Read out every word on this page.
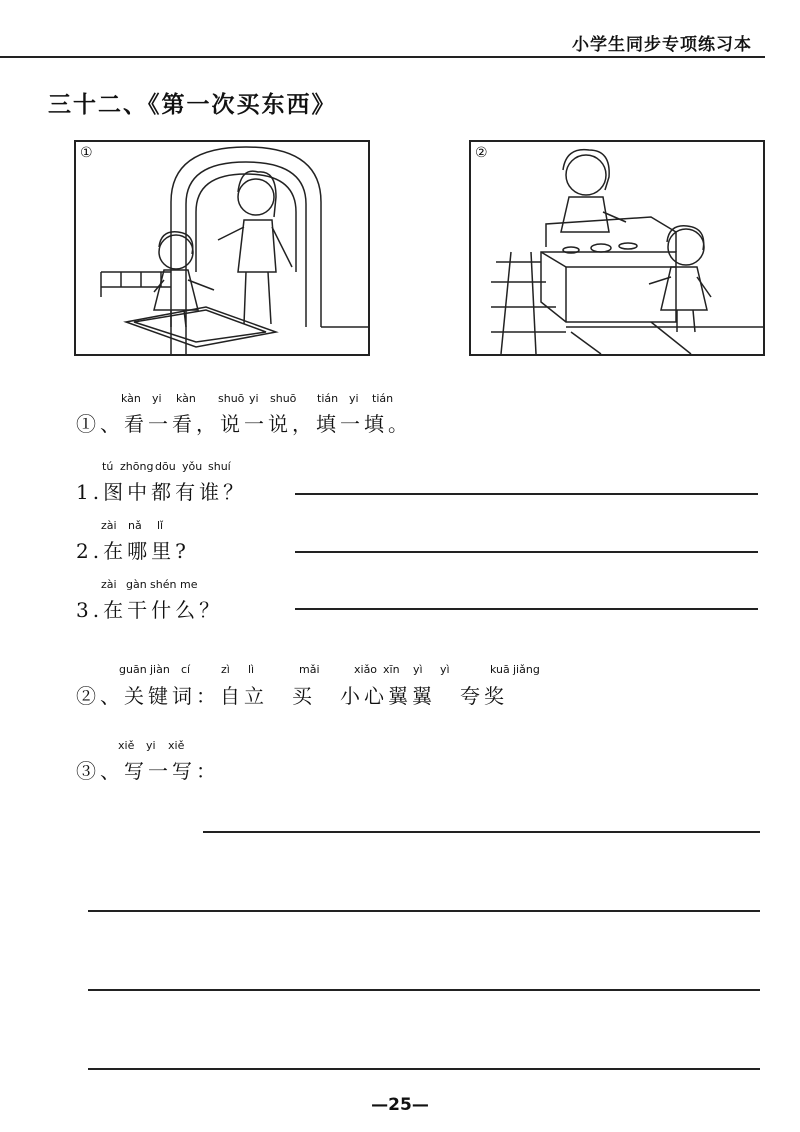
小学生同步专项练习本
三十二、《第一次买东西》
①	②
kàn yi kàn shuō yi shuō tián yi tián
①、看一看，说一说，填一填。
tú zhōng dōu yǒu shuí
1.图中都有谁？
zài nǎ lǐ
2.在哪里?
zài gàn shén me
3.在干什么？
guān jiàn cí	zì lì	mǎi	xiǎo xīn yì yì	kuā jiǎng
②、关键词：自立　买　小心翼翼　夸奖
xiě yi xiě
③、写一写：
—25—
